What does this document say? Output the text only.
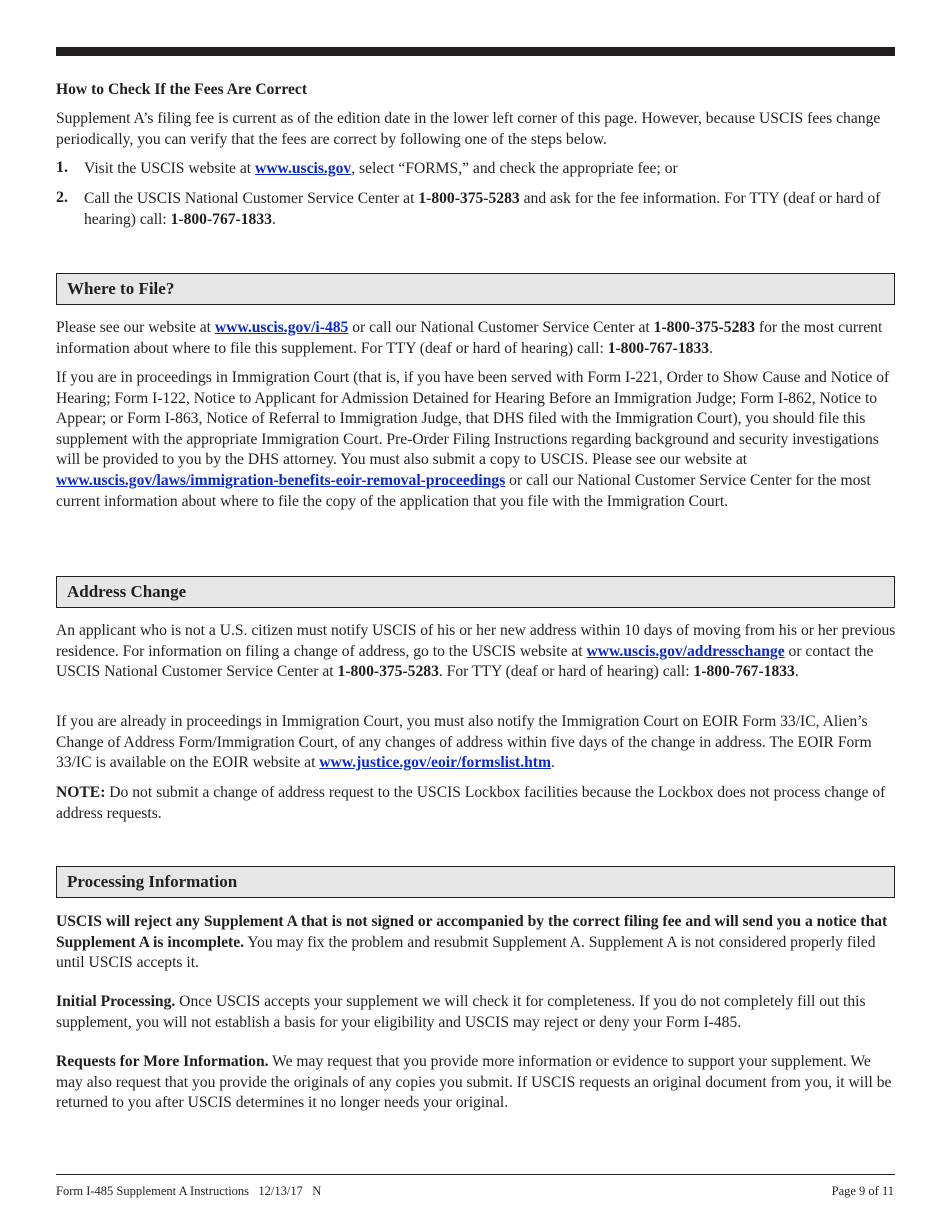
How to Check If the Fees Are Correct

Supplement A’s filing fee is current as of the edition date in the lower left corner of this page. However, because USCIS fees change periodically, you can verify that the fees are correct by following one of the steps below.

1. Visit the USCIS website at www.uscis.gov, select “FORMS,” and check the appropriate fee; or

2. Call the USCIS National Customer Service Center at 1-800-375-5283 and ask for the fee information. For TTY (deaf or hard of hearing) call: 1-800-767-1833.

Where to File?

Please see our website at www.uscis.gov/i-485 or call our National Customer Service Center at 1-800-375-5283 for the most current information about where to file this supplement. For TTY (deaf or hard of hearing) call: 1-800-767-1833.

If you are in proceedings in Immigration Court (that is, if you have been served with Form I-221, Order to Show Cause and Notice of Hearing; Form I-122, Notice to Applicant for Admission Detained for Hearing Before an Immigration Judge; Form I-862, Notice to Appear; or Form I-863, Notice of Referral to Immigration Judge, that DHS filed with the Immigration Court), you should file this supplement with the appropriate Immigration Court. Pre-Order Filing Instructions regarding background and security investigations will be provided to you by the DHS attorney. You must also submit a copy to USCIS. Please see our website at www.uscis.gov/laws/immigration-benefits-eoir-removal-proceedings or call our National Customer Service Center for the most current information about where to file the copy of the application that you file with the Immigration Court.

Address Change

An applicant who is not a U.S. citizen must notify USCIS of his or her new address within 10 days of moving from his or her previous residence. For information on filing a change of address, go to the USCIS website at www.uscis.gov/addresschange or contact the USCIS National Customer Service Center at 1-800-375-5283. For TTY (deaf or hard of hearing) call: 1-800-767-1833.

If you are already in proceedings in Immigration Court, you must also notify the Immigration Court on EOIR Form 33/IC, Alien’s Change of Address Form/Immigration Court, of any changes of address within five days of the change in address. The EOIR Form 33/IC is available on the EOIR website at www.justice.gov/eoir/formslist.htm.

NOTE: Do not submit a change of address request to the USCIS Lockbox facilities because the Lockbox does not process change of address requests.

Processing Information

USCIS will reject any Supplement A that is not signed or accompanied by the correct filing fee and will send you a notice that Supplement A is incomplete. You may fix the problem and resubmit Supplement A. Supplement A is not considered properly filed until USCIS accepts it.

Initial Processing. Once USCIS accepts your supplement we will check it for completeness. If you do not completely fill out this supplement, you will not establish a basis for your eligibility and USCIS may reject or deny your Form I-485.

Requests for More Information. We may request that you provide more information or evidence to support your supplement. We may also request that you provide the originals of any copies you submit. If USCIS requests an original document from you, it will be returned to you after USCIS determines it no longer needs your original.

Form I-485 Supplement A Instructions   12/13/17   N	Page 9 of 11
